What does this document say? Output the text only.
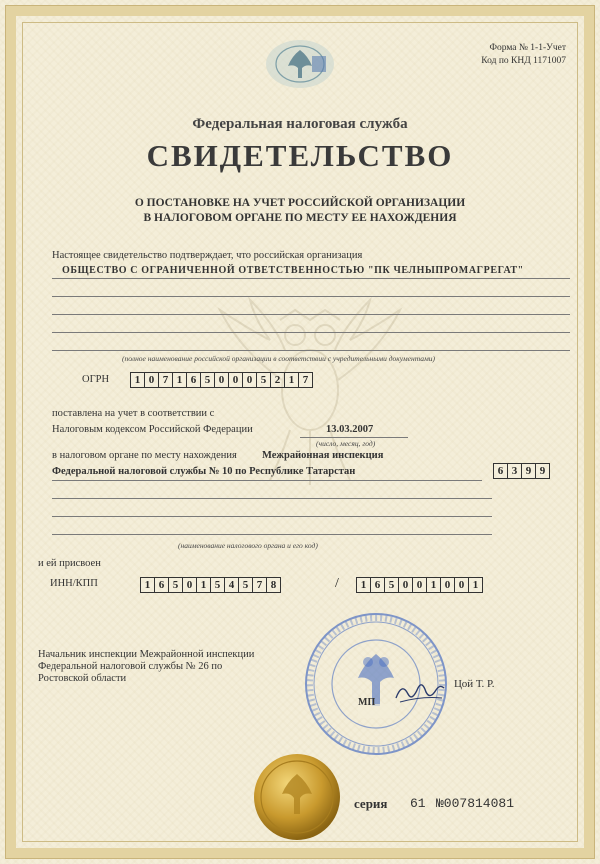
Форма № 1-1-Учет
Код по КНД 1171007
Федеральная налоговая служба
СВИДЕТЕЛЬСТВО
О ПОСТАНОВКЕ НА УЧЕТ РОССИЙСКОЙ ОРГАНИЗАЦИИ
В НАЛОГОВОМ ОРГАНЕ ПО МЕСТУ ЕЕ НАХОЖДЕНИЯ
Настоящее свидетельство подтверждает, что российская организация
ОБЩЕСТВО С ОГРАНИЧЕННОЙ ОТВЕТСТВЕННОСТЬЮ "ПК ЧЕЛНЫПРОМАГРЕГАТ"
(полное наименование российской организации в соответствии с учредительными документами)
ОГРН	1 0 7 1 6 5 0 0 0 5 2 1 7
поставлена на учет в соответствии с
Налоговым кодексом Российской Федерации	13.03.2007
(число, месяц, год)
в налоговом органе по месту нахождения Межрайонная инспекция
Федеральной налоговой службы № 10 по Республике Татарстан	6 3 9 9
(наименование налогового органа и его код)
и ей присвоен
ИНН/КПП	1 6 5 0 1 5 4 5 7 8	/	1 6 5 0 0 1 0 0 1
Начальник инспекции Межрайонной инспекции
Федеральной налоговой службы № 26 по
Ростовской области
МП
Цой Т. Р.
серия 61 №007814081
